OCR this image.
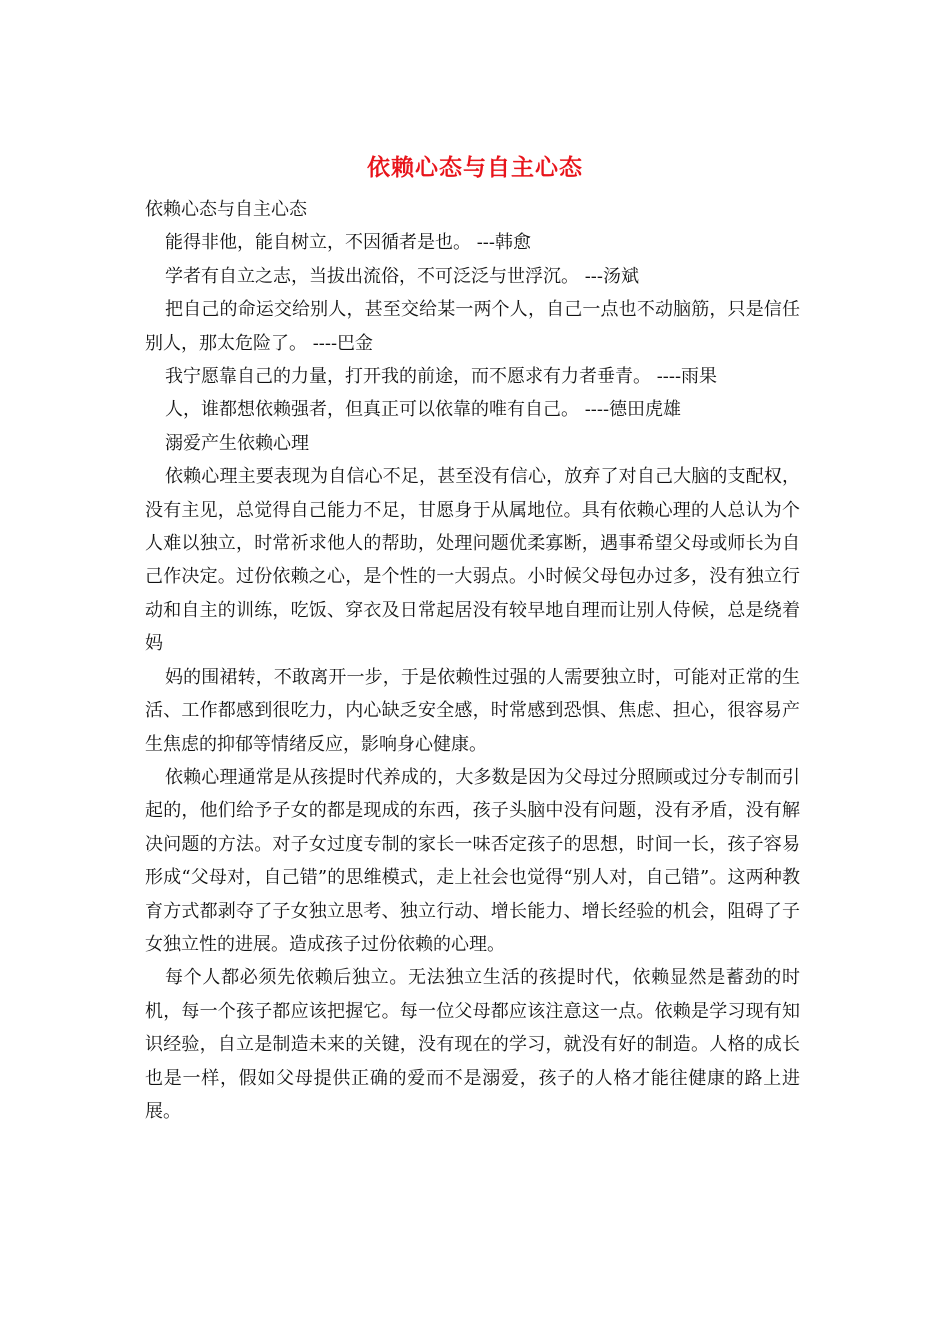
依赖心态与自主心态

依赖心态与自主心态

能得非他，能自树立，不因循者是也。 ---韩愈

学者有自立之志，当拔出流俗，不可泛泛与世浮沉。 ---汤斌

把自己的命运交给别人，甚至交给某一两个人，自己一点也不动脑筋，只是信任别人，那太危险了。 ----巴金

我宁愿靠自己的力量，打开我的前途，而不愿求有力者垂青。 ----雨果

人，谁都想依赖强者，但真正可以依靠的唯有自己。 ----德田虎雄

溺爱产生依赖心理

依赖心理主要表现为自信心不足，甚至没有信心，放弃了对自己大脑的支配权，没有主见，总觉得自己能力不足，甘愿身于从属地位。具有依赖心理的人总认为个人难以独立，时常祈求他人的帮助，处理问题优柔寡断，遇事希望父母或师长为自己作决定。过份依赖之心，是个性的一大弱点。小时候父母包办过多，没有独立行动和自主的训练，吃饭、穿衣及日常起居没有较早地自理而让别人侍候，总是绕着妈

妈的围裙转，不敢离开一步，于是依赖性过强的人需要独立时，可能对正常的生活、工作都感到很吃力，内心缺乏安全感，时常感到恐惧、焦虑、担心，很容易产生焦虑的抑郁等情绪反应，影响身心健康。

依赖心理通常是从孩提时代养成的，大多数是因为父母过分照顾或过分专制而引起的，他们给予子女的都是现成的东西，孩子头脑中没有问题，没有矛盾，没有解决问题的方法。对子女过度专制的家长一味否定孩子的思想，时间一长，孩子容易形成“父母对，自己错”的思维模式，走上社会也觉得“别人对，自己错”。这两种教育方式都剥夺了子女独立思考、独立行动、增长能力、增长经验的机会，阻碍了子女独立性的进展。造成孩子过份依赖的心理。

每个人都必须先依赖后独立。无法独立生活的孩提时代，依赖显然是蓄劲的时机，每一个孩子都应该把握它。每一位父母都应该注意这一点。依赖是学习现有知识经验，自立是制造未来的关键，没有现在的学习，就没有好的制造。人格的成长也是一样，假如父母提供正确的爱而不是溺爱，孩子的人格才能往健康的路上进展。
